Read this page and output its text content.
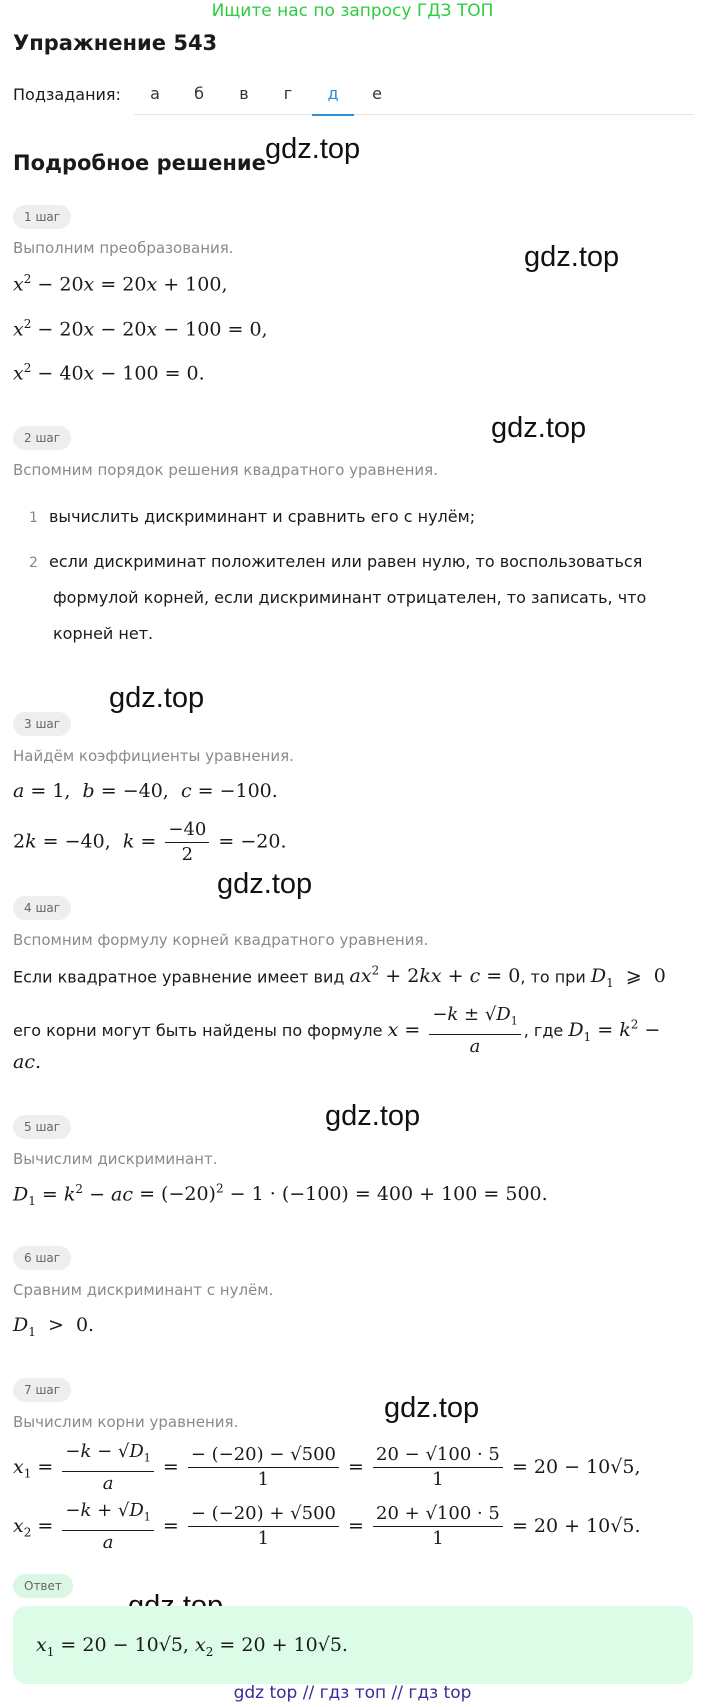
Ищите нас по запросу ГДЗ ТОП
Упражнение 543
Подзадания:	а	б	в	г	д	е
Подробное решение gdz.top
gdz.top
gdz.top
gdz.top
gdz.top
gdz.top
gdz.top
1 шаг
Выполним преобразования.
$x^2 - 20x = 20x + 100$,
$x^2 - 20x - 20x - 100 = 0$,
$x^2 - 40x - 100 = 0$.
2 шаг
Вспомним порядок решения квадратного уравнения.
1 вычислить дискриминант и сравнить его с нулём;
2 если дискриминат положителен или равен нулю, то воспользоваться
формулой корней, если дискриминант отрицателен, то записать, что
корней нет.
3 шаг
Найдём коэффициенты уравнения.
a = 1,  b = −40,  c = −100.
2k = −40,  $k = \frac{-40}{2} = -20$.
4 шаг
Вспомним формулу корней квадратного уравнения.
Если квадратное уравнение имеет вид $ax^2 + 2kx + c = 0$, то при $D_1$  ⩾  0
его корни могут быть найдены по формуле $x = \frac{-k \pm √D_1}{a}$ , где $D_1 = k^2$ −
ac.
5 шаг
Вычислим дискриминант.
$D_1 = k^2$ − ac = $(-20)^2 - 1 \cdot (-100) = 400 + 100 = 500$.
6 шаг
Сравним дискриминант с нулём.
$D_1 > 0$.
7 шаг
Вычислим корни уравнения.
$x_1 = \frac{-k - √D_1}{a} = \frac{- (-20) - √500}{1} = \frac{20 - √100 \cdot 5}{1} = 20 - 10√5$,
$x_2 = \frac{-k + √D_1}{a} = \frac{- (-20) + √500}{1} = \frac{20 + √100 \cdot 5}{1} = 20 + 10√5$.
Ответ
$x_1 = 20 - 10√5$, $x_2 = 20 + 10√5$.
gdz top // гдз топ // гдз top
